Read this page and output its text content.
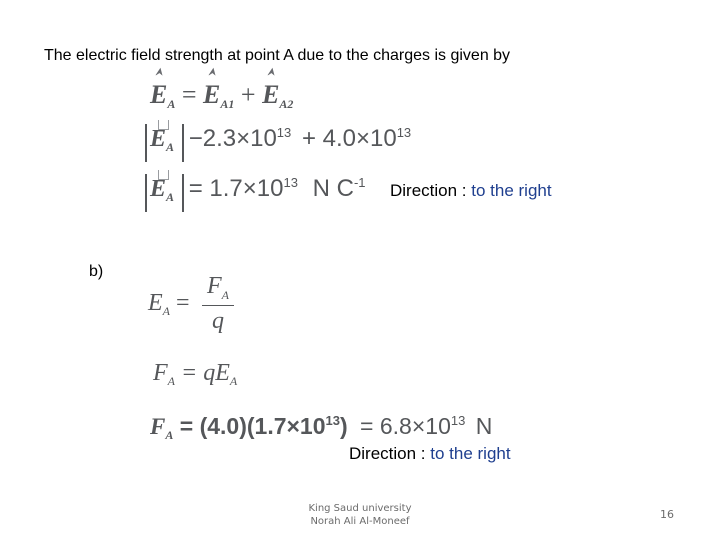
The electric field strength at point A due to the charges is given by
⮝ $E_A$ = ⮝ $E_{A1}$ + ⮝ $E_{A2}$
$E_A -2.3\times 10^{13} + 4.0\times 10^{13}$
$E_A = 1.7\times 10^{13}$ N $C^{-1}$ Direction : to the right
b)
$E_A = \frac{F_A}{q}$
$F_A = qE_A$
$F_A = (4.0)(1.7\times 10^{13}) = 6.8\times 10^{13}$ N
Direction : to the right
King Saud university
Norah Ali Al-Moneef
16
